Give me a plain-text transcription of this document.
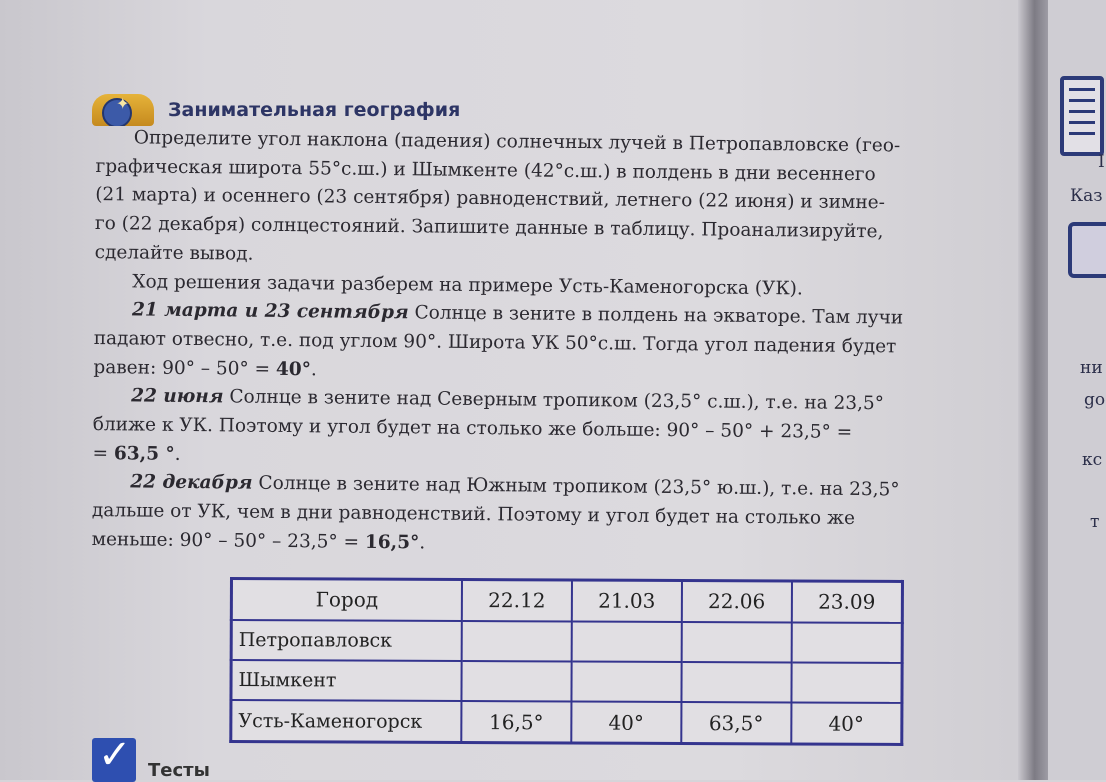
I
Каз
ни
go
кс
т
✦ Занимательная география

Определите угол наклона (падения) солнечных лучей в Петропавловске (гео-
графическая широта 55°с.ш.) и Шымкенте (42°с.ш.) в полдень в дни весеннего
(21 марта) и осеннего (23 сентября) равноденствий, летнего (22 июня) и зимне-
го (22 декабря) солнцестояний. Запишите данные в таблицу. Проанализируйте,
сделайте вывод.

Ход решения задачи разберем на примере Усть-Каменогорска (УК).

21 марта и 23 сентября Солнце в зените в полдень на экваторе. Там лучи
падают отвесно, т.е. под углом 90°. Широта УК 50°с.ш. Тогда угол падения будет
равен: 90° – 50° = 40°.

22 июня Солнце в зените над Северным тропиком (23,5° с.ш.), т.е. на 23,5°
ближе к УК. Поэтому и угол будет на столько же больше: 90° – 50° + 23,5° =
= 63,5 °.

22 декабря Солнце в зените над Южным тропиком (23,5° ю.ш.), т.е. на 23,5°
дальше от УК, чем в дни равноденствий. Поэтому и угол будет на столько же
меньше: 90° – 50° – 23,5° = 16,5°.

Город	22.12	21.03	22.06	23.09
Петропавловск				
Шымкент				
Усть-Каменогорск	16,5°	40°	63,5°	40°
✓ Тесты
